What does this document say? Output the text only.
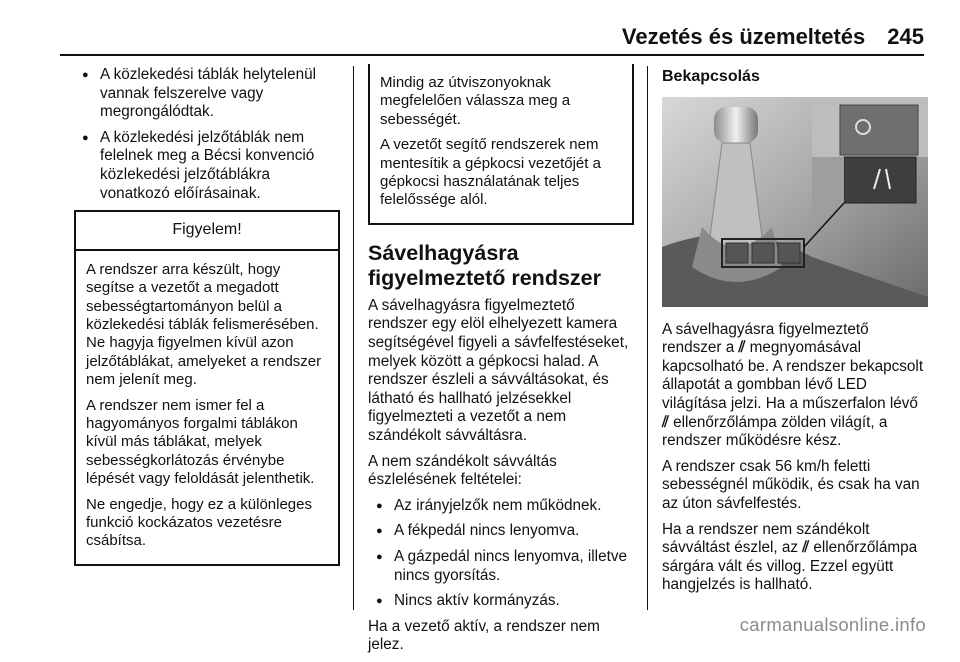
Vezetés és üzemeltetés 245
● A közlekedési táblák helytelenül vannak felszerelve vagy megrongálódtak.
● A közlekedési jelzőtáblák nem felelnek meg a Bécsi konvenció közlekedési jelzőtáblákra vonatkozó előírásainak.
Figyelem!

A rendszer arra készült, hogy segítse a vezetőt a megadott sebességtartományon belül a közlekedési táblák felismerésében. Ne hagyja figyelmen kívül azon jelzőtáblákat, amelyeket a rendszer nem jelenít meg.

A rendszer nem ismer fel a hagyományos forgalmi táblákon kívül más táblákat, melyek sebességkorlátozás érvénybe lépését vagy feloldását jelenthetik.

Ne engedje, hogy ez a különleges funkció kockázatos vezetésre csábítsa.

Mindig az útviszonyoknak megfelelően válassza meg a sebességét.

A vezetőt segítő rendszerek nem mentesítik a gépkocsi vezetőjét a gépkocsi használatának teljes felelőssége alól.

Sávelhagyásra figyelmeztető rendszer

A sávelhagyásra figyelmeztető rendszer egy elöl elhelyezett kamera segítségével figyeli a sávfelfestéseket, melyek között a gépkocsi halad. A rendszer észleli a sávváltásokat, és látható és hallható jelzésekkel figyelmezteti a vezetőt a nem szándékolt sávváltásra.

A nem szándékolt sávváltás észlelésének feltételei:

● Az irányjelzők nem működnek.
● A fékpedál nincs lenyomva.
● A gázpedál nincs lenyomva, illetve nincs gyorsítás.
● Nincs aktív kormányzás.

Ha a vezető aktív, a rendszer nem jelez.

Bekapcsolás

A sávelhagyásra figyelmeztető rendszer a ⫽ megnyomásával kapcsolható be. A rendszer bekapcsolt állapotát a gombban lévő LED világítása jelzi. Ha a műszerfalon lévő ⫽ ellenőrzőlámpa zölden világít, a rendszer működésre kész.

A rendszer csak 56 km/h feletti sebességnél működik, és csak ha van az úton sávfelfestés.

Ha a rendszer nem szándékolt sávváltást észlel, az ⫽ ellenőrzőlámpa sárgára vált és villog. Ezzel együtt hangjelzés is hallható.

carmanualsonline.info
